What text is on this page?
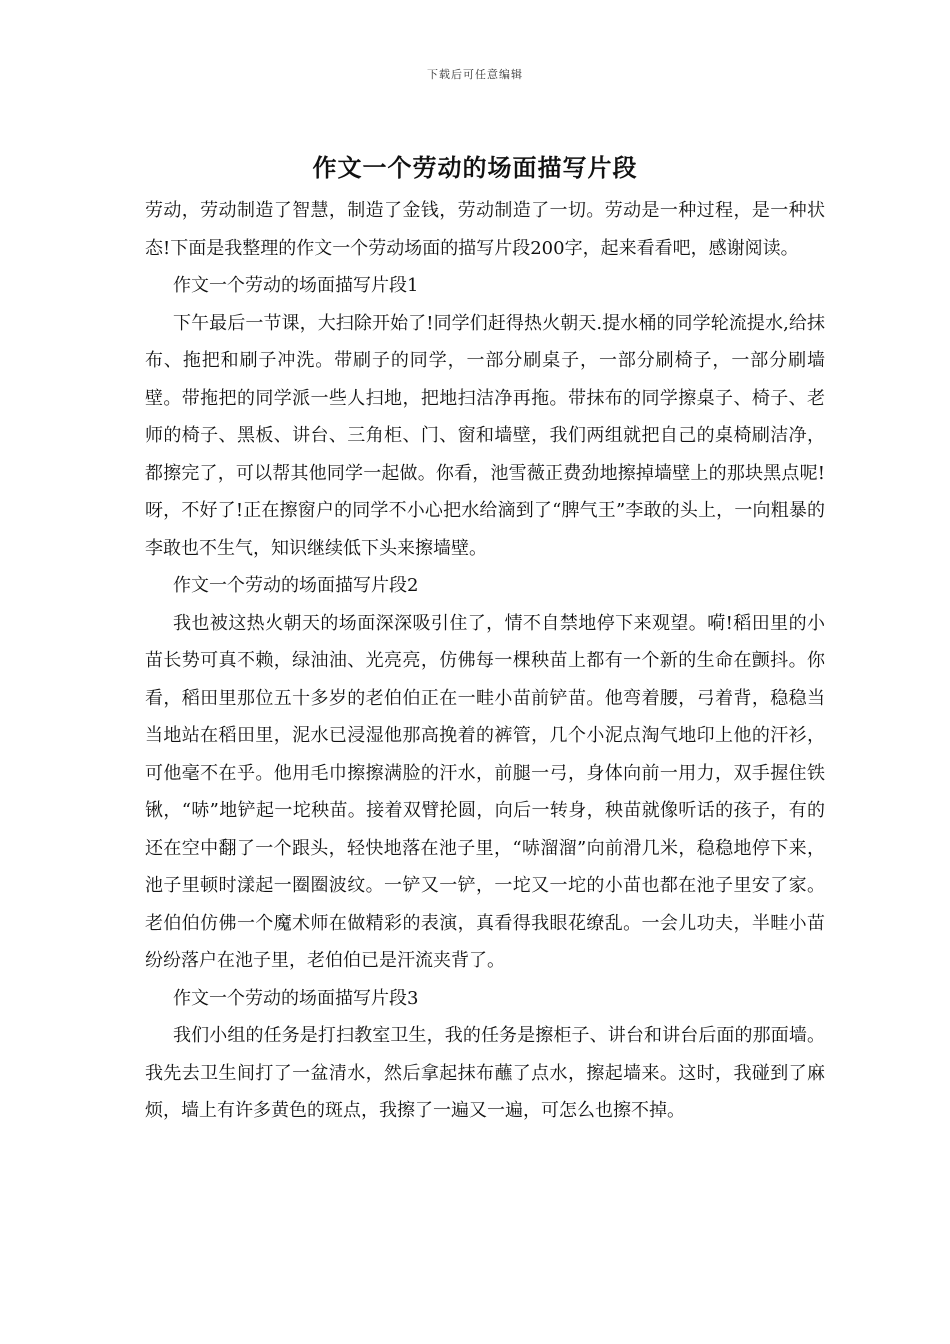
下载后可任意编辑
作文一个劳动的场面描写片段

劳动，劳动制造了智慧，制造了金钱，劳动制造了一切。劳动是一种过程，是一种状态!下面是我整理的作文一个劳动场面的描写片段200字，起来看看吧，感谢阅读。

作文一个劳动的场面描写片段1

下午最后一节课，大扫除开始了!同学们赶得热火朝天.提水桶的同学轮流提水,给抹布、拖把和刷子冲洗。带刷子的同学，一部分刷桌子，一部分刷椅子，一部分刷墙壁。带拖把的同学派一些人扫地，把地扫洁净再拖。带抹布的同学擦桌子、椅子、老师的椅子、黑板、讲台、三角柜、门、窗和墙壁，我们两组就把自己的桌椅刷洁净，都擦完了，可以帮其他同学一起做。你看，池雪薇正费劲地擦掉墙壁上的那块黑点呢!呀，不好了!正在擦窗户的同学不小心把水给滴到了“脾气王”李敢的头上，一向粗暴的李敢也不生气，知识继续低下头来擦墙壁。

作文一个劳动的场面描写片段2

我也被这热火朝天的场面深深吸引住了，情不自禁地停下来观望。嗬!稻田里的小苗长势可真不赖，绿油油、光亮亮，仿佛每一棵秧苗上都有一个新的生命在颤抖。你看，稻田里那位五十多岁的老伯伯正在一畦小苗前铲苗。他弯着腰，弓着背，稳稳当当地站在稻田里，泥水已浸湿他那高挽着的裤管，几个小泥点淘气地印上他的汗衫，可他毫不在乎。他用毛巾擦擦满脸的汗水，前腿一弓，身体向前一用力，双手握住铁锹，“哧”地铲起一坨秧苗。接着双臂抡圆，向后一转身，秧苗就像听话的孩子，有的还在空中翻了一个跟头，轻快地落在池子里，“哧溜溜”向前滑几米，稳稳地停下来，池子里顿时漾起一圈圈波纹。一铲又一铲，一坨又一坨的小苗也都在池子里安了家。老伯伯仿佛一个魔术师在做精彩的表演，真看得我眼花缭乱。一会儿功夫，半畦小苗纷纷落户在池子里，老伯伯已是汗流夹背了。

作文一个劳动的场面描写片段3

我们小组的任务是打扫教室卫生，我的任务是擦柜子、讲台和讲台后面的那面墙。我先去卫生间打了一盆清水，然后拿起抹布蘸了点水，擦起墙来。这时，我碰到了麻烦，墙上有许多黄色的斑点，我擦了一遍又一遍，可怎么也擦不掉。
